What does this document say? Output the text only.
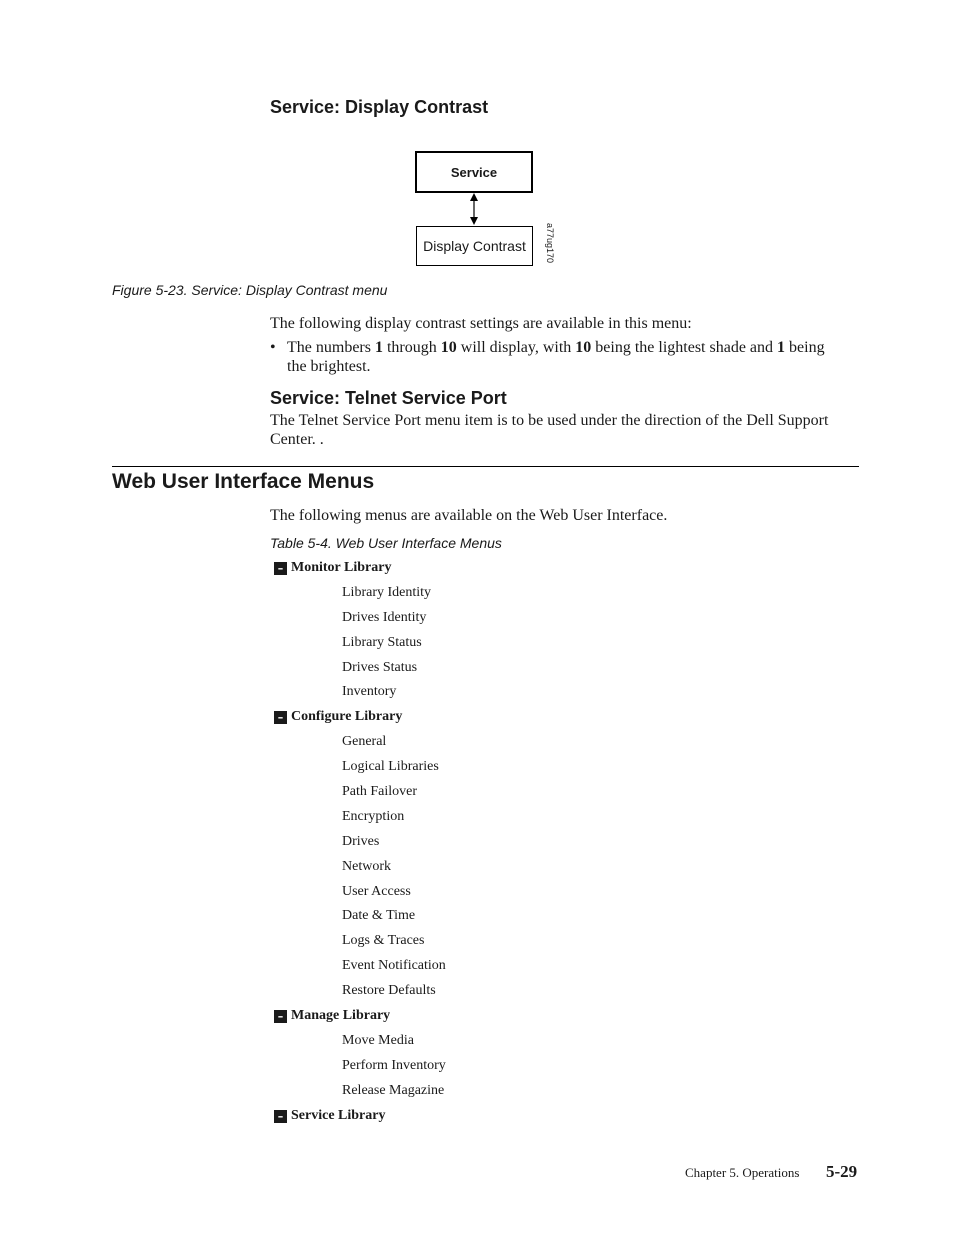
Service: Display Contrast
Service
Display Contrast	a77ug170
Figure 5-23. Service: Display Contrast menu
The following display contrast settings are available in this menu:
• The numbers 1 through 10 will display, with 10 being the lightest shade and 1 being the brightest.
Service: Telnet Service Port
The Telnet Service Port menu item is to be used under the direction of the Dell Support Center. .
Web User Interface Menus
The following menus are available on the Web User Interface.
Table 5-4. Web User Interface Menus
– Monitor Library
Library Identity
Drives Identity
Library Status
Drives Status
Inventory
– Configure Library
General
Logical Libraries
Path Failover
Encryption
Drives
Network
User Access
Date & Time
Logs & Traces
Event Notification
Restore Defaults
– Manage Library
Move Media
Perform Inventory
Release Magazine
– Service Library
Chapter 5. Operations 5-29
